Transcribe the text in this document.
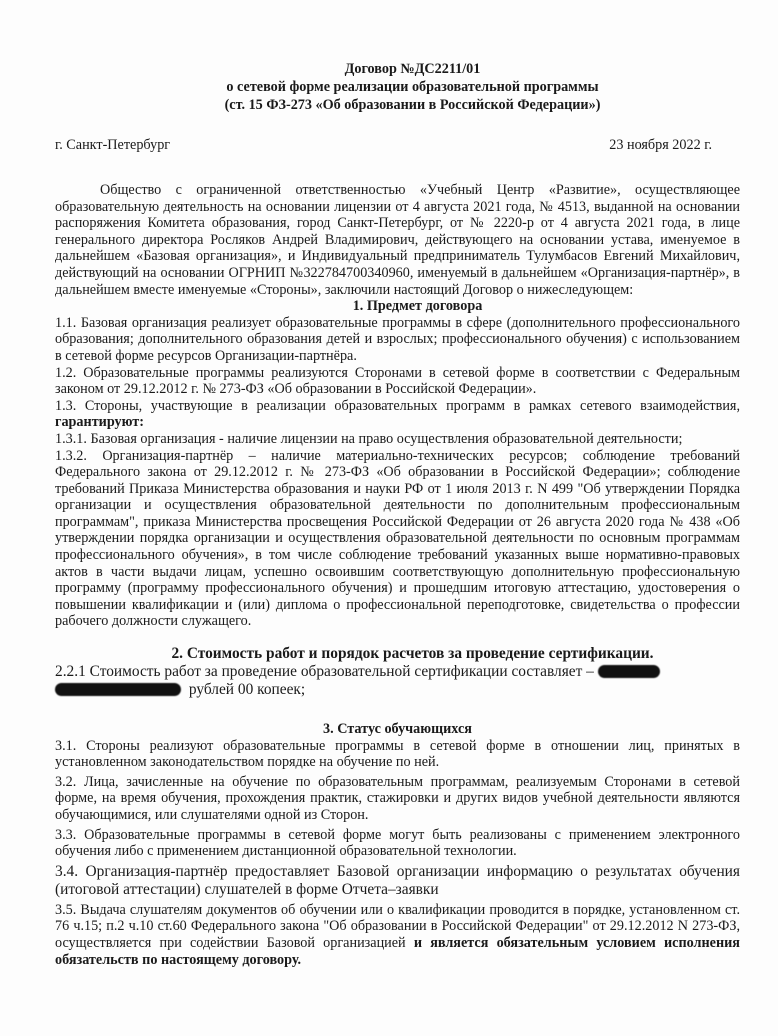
Договор №ДС2211/01
о сетевой форме реализации образовательной программы
(ст. 15 ФЗ-273 «Об образовании в Российской Федерации»)
г. Санкт-Петербург	23 ноября 2022 г.

Общество с ограниченной ответственностью «Учебный Центр «Развитие», осуществляющее образовательную деятельность на основании лицензии от 4 августа 2021 года, № 4513, выданной на основании распоряжения Комитета образования, город Санкт-Петербург, от № 2220-р от 4 августа 2021 года, в лице генерального директора Росляков Андрей Владимирович, действующего на основании устава, именуемое в дальнейшем «Базовая организация», и Индивидуальный предприниматель Тулумбасов Евгений Михайлович, действующий на основании ОГРНИП №322784700340960, именуемый в дальнейшем «Организация-партнёр», в дальнейшем вместе именуемые «Стороны», заключили настоящий Договор о нижеследующем:

1. Предмет договора

1.1. Базовая организация реализует образовательные программы в сфере (дополнительного профессионального образования; дополнительного образования детей и взрослых; профессионального обучения) с использованием в сетевой форме ресурсов Организации-партнёра.

1.2. Образовательные программы реализуются Сторонами в сетевой форме в соответствии с Федеральным законом от 29.12.2012 г. № 273-ФЗ «Об образовании в Российской Федерации».

1.3. Стороны, участвующие в реализации образовательных программ в рамках сетевого взаимодействия, гарантируют:

1.3.1. Базовая организация - наличие лицензии на право осуществления образовательной деятельности;

1.3.2. Организация-партнёр – наличие материально-технических ресурсов; соблюдение требований Федерального закона от 29.12.2012 г. № 273-ФЗ «Об образовании в Российской Федерации»; соблюдение требований Приказа Министерства образования и науки РФ от 1 июля 2013 г. N 499 "Об утверждении Порядка организации и осуществления образовательной деятельности по дополнительным профессиональным программам", приказа Министерства просвещения Российской Федерации от 26 августа 2020 года № 438 «Об утверждении порядка организации и осуществления образовательной деятельности по основным программам профессионального обучения», в том числе соблюдение требований указанных выше нормативно-правовых актов в части выдачи лицам, успешно освоившим соответствующую дополнительную профессиональную программу (программу профессионального обучения) и прошедшим итоговую аттестацию, удостоверения о повышении квалификации и (или) диплома о профессиональной переподготовке, свидетельства о профессии рабочего должности служащего.

2. Стоимость работ и порядок расчетов за проведение сертификации.

2.2.1 Стоимость работ за проведение образовательной сертификации составляет –
рублей 00 копеек;

3. Статус обучающихся

3.1. Стороны реализуют образовательные программы в сетевой форме в отношении лиц, принятых в установленном законодательством порядке на обучение по ней.

3.2. Лица, зачисленные на обучение по образовательным программам, реализуемым Сторонами в сетевой форме, на время обучения, прохождения практик, стажировки и других видов учебной деятельности являются обучающимися, или слушателями одной из Сторон.

3.3. Образовательные программы в сетевой форме могут быть реализованы с применением электронного обучения либо с применением дистанционной образовательной технологии.

3.4. Организация-партнёр предоставляет Базовой организации информацию о результатах обучения (итоговой аттестации) слушателей в форме Отчета–заявки

3.5. Выдача слушателям документов об обучении или о квалификации проводится в порядке, установленном ст. 76 ч.15; п.2 ч.10 ст.60 Федерального закона "Об образовании в Российской Федерации" от 29.12.2012 N 273-ФЗ, осуществляется при содействии Базовой организацией и является обязательным условием исполнения обязательств по настоящему договору.
